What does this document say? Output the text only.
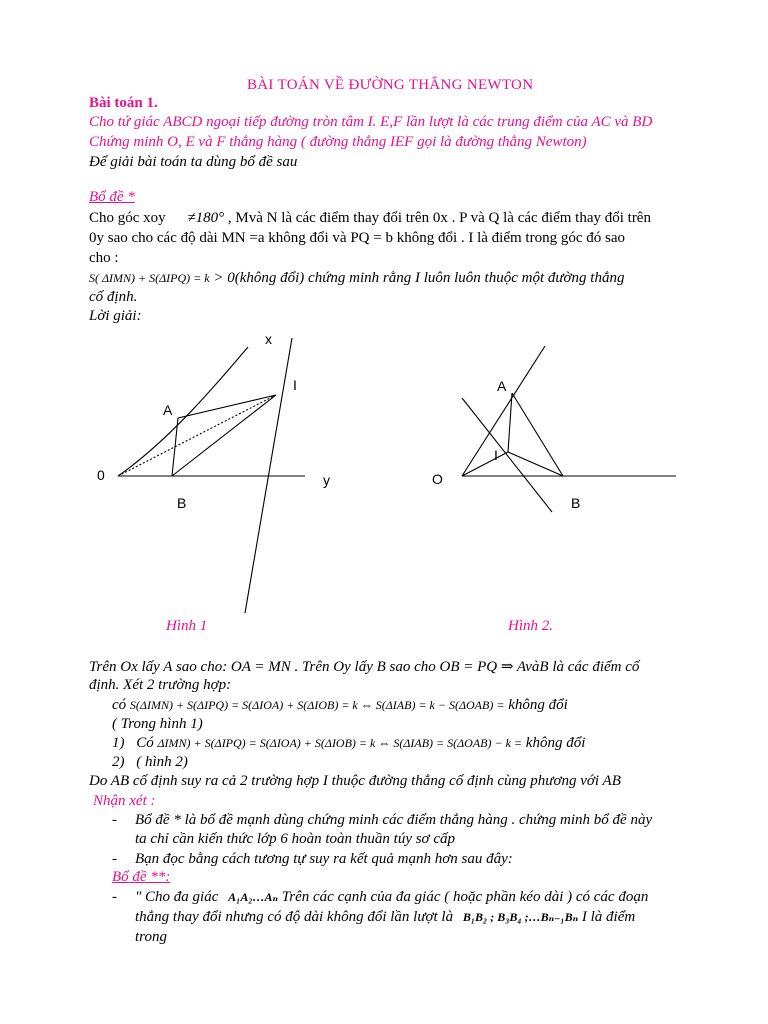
BÀI TOÁN VỀ ĐƯỜNG THẲNG NEWTON
Bài toán 1.
Cho tứ giác ABCD ngoại tiếp đường tròn tâm I. E,F lần lượt là các trung điểm của AC và BD
Chứng minh O, E và F thẳng hàng ( đường thẳng IEF gọi là đường thẳng Newton)
Để giải bài toán ta dùng bổ đề sau
Bổ đề *
Cho góc xoy ≠180° , Mvà N là các điểm thay đổi trên 0x . P và Q là các điểm thay đổi trên
0y sao cho các độ dài MN =a không đổi và PQ = b không đổi . I là điểm trong góc đó sao
cho :
S( ΔIMN) + S(ΔIPQ) = k > 0(không đổi) chứng minh rằng I luôn luôn thuộc một đường thẳng
cố định.
Lời giải:
x
I
A
0	y
B
A
I
O
B
Hình 1	Hình 2.
Trên Ox lấy A sao cho: OA = MN . Trên Oy lấy B sao cho OB = PQ ⇒ AvàB là các điểm cố
định. Xét 2 trường hợp:
có S(ΔIMN) + S(ΔIPQ) = S(ΔIOA) + S(ΔIOB) = k ⇔ S(ΔIAB) = k − S(ΔOAB) = không đổi
( Trong hình 1)
1) Có ΔIMN) + S(ΔIPQ) = S(ΔIOA) + S(ΔIOB) = k ⇔ S(ΔIAB) = S(ΔOAB) − k = không đổi
2) ( hình 2)
Do AB cố định suy ra cả 2 trường hợp I thuộc đường thẳng cố định cùng phương với AB
Nhận xét :
- Bổ đề * là bổ đề mạnh dùng chứng minh các điểm thẳng hàng . chứng minh bổ đề này
ta chỉ cần kiến thức lớp 6 hoàn toàn thuần túy sơ cấp
- Bạn đọc bằng cách tương tự suy ra kết quả mạnh hơn sau đây:
Bổ đề **:
- " Cho đa giác A₁A₂…Aₙ Trên các cạnh của đa giác ( hoặc phần kéo dài ) có các đoạn
thẳng thay đổi nhưng có độ dài không đổi lần lượt là B₁B₂ ; B₃B₄ ;…Bₙ₋₁Bₙ I là điểm
trong
